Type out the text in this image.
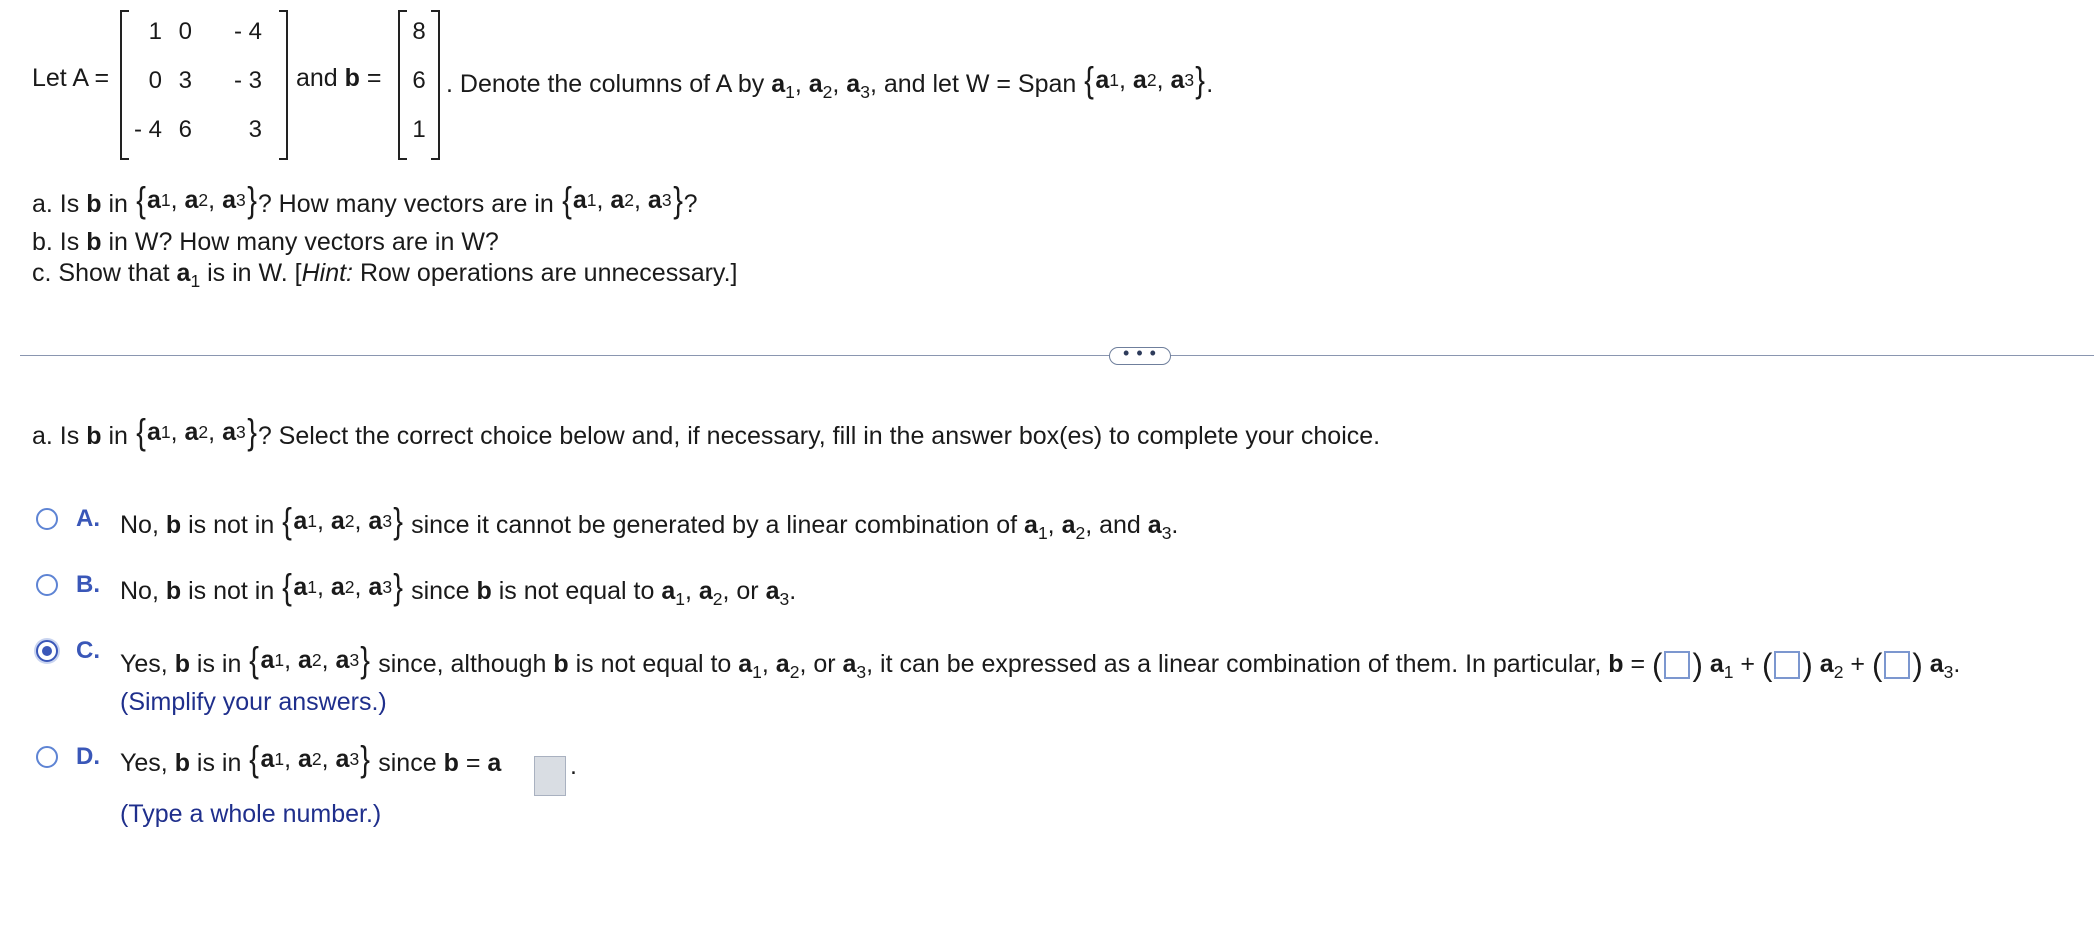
Let A =
1 0	- 4
0 3	- 3
- 4 6	3
and b =
8
6
1
. Denote the columns of A by $a_1$, $a_2$, $a_3$, and let W = Span { a 1 ,
a 2 ,
a 3 } .
a. Is b in { a 1 ,
a 2 ,
a 3 } ? How many vectors are in { a 1 ,
a 2 ,
a 3 } ?
b. Is b in W? How many vectors are in W?
c. Show that $a_1$ is in W. [Hint: Row operations are unnecessary.]
• • •
a. Is b in { a 1 ,
a 2 ,
a 3 } ? Select the correct choice below and, if necessary, fill in the answer box(es) to complete your choice.
A. No, b is not in { a 1 ,
a 2 ,
a 3 } since it cannot be generated by a linear combination of $a_1$, $a_2$, and $a_3$.
B. No, b is not in { a 1 ,
a 2 ,
a 3 } since b is not equal to $a_1$, $a_2$, or $a_3$.
C. Yes, b is in { a 1 ,
a 2 ,
a 3 } since, although b is not equal to $a_1$, $a_2$, or $a_3$, it can be expressed as a linear combination of them. In particular, b = ( ) $a_1$ + ( ) $a_2$ + ( ) $a_3$.
(Simplify your answers.)
D. Yes, b is in { a 1 ,
a 2 ,
a 3 } since b = a	.
(Type a whole number.)
